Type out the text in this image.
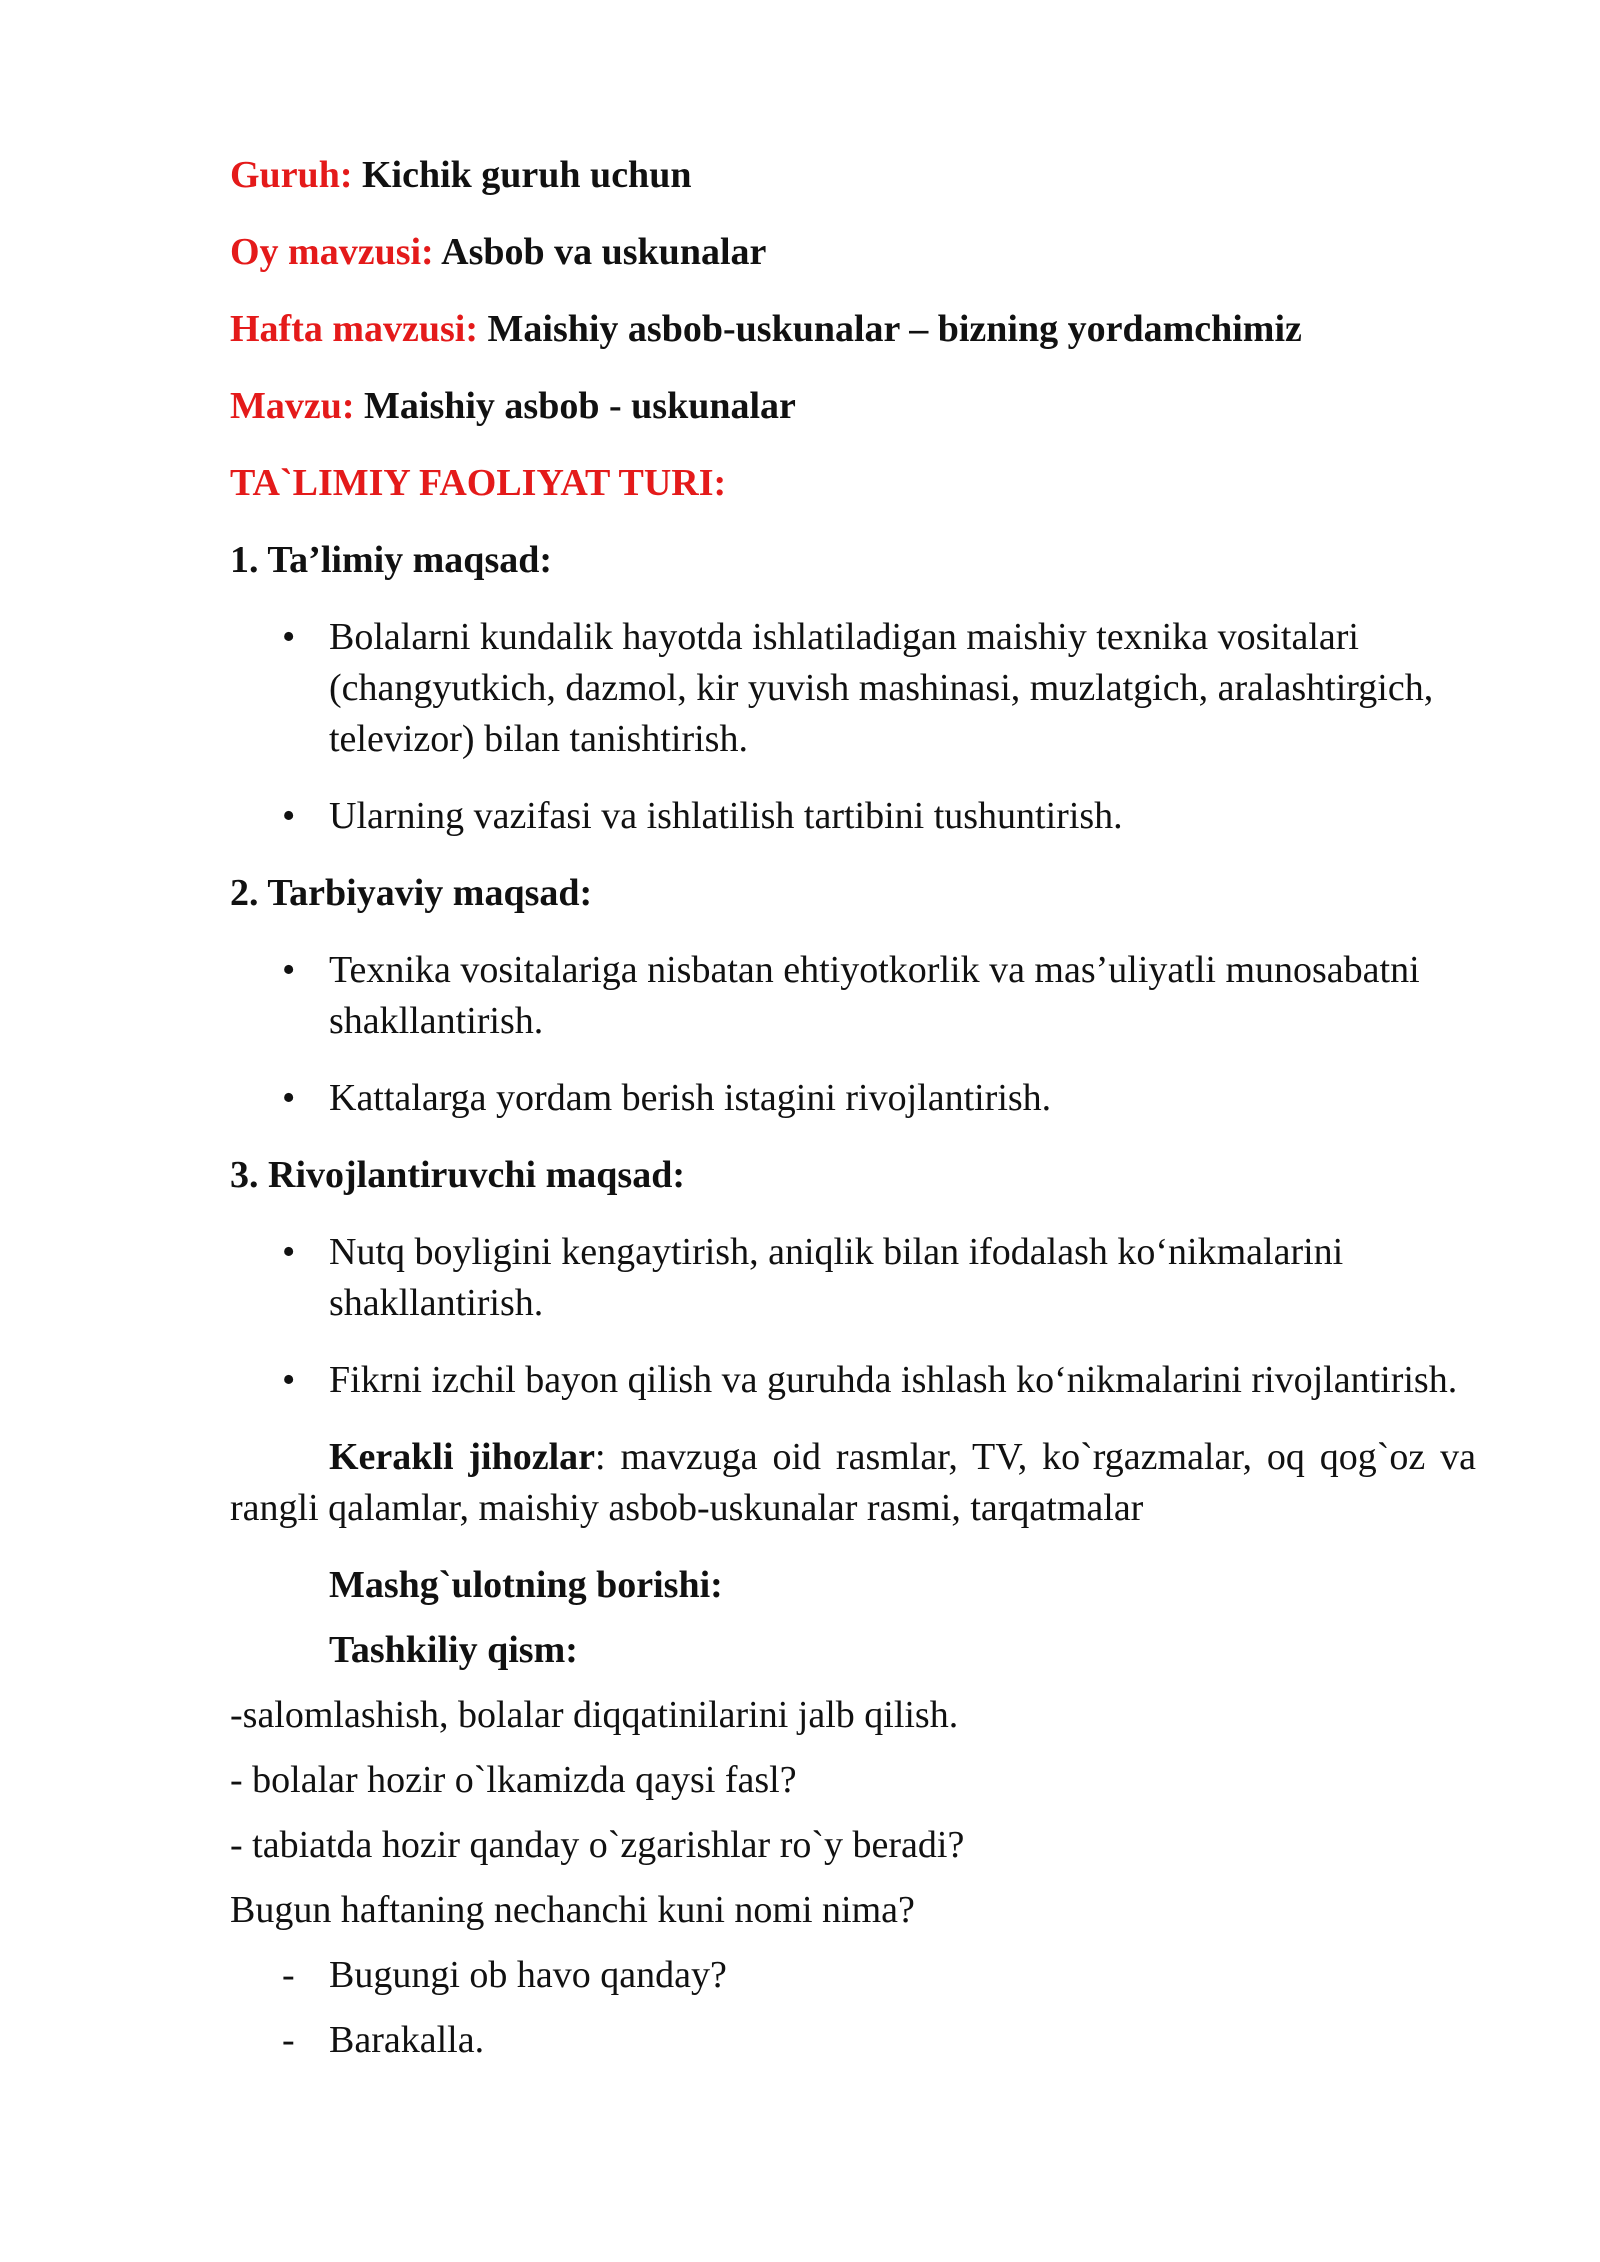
Guruh: Kichik guruh uchun

Oy mavzusi: Asbob va uskunalar

Hafta mavzusi: Maishiy asbob-uskunalar – bizning yordamchimiz

Mavzu: Maishiy asbob - uskunalar

TA`LIMIY FAOLIYAT TURI:

1. Ta’limiy maqsad:

• Bolalarni kundalik hayotda ishlatiladigan maishiy texnika vositalari (changyutkich, dazmol, kir yuvish mashinasi, muzlatgich, aralashtirgich, televizor) bilan tanishtirish.
• Ularning vazifasi va ishlatilish tartibini tushuntirish.

2. Tarbiyaviy maqsad:

• Texnika vositalariga nisbatan ehtiyotkorlik va mas’uliyatli munosabatni shakllantirish.
• Kattalarga yordam berish istagini rivojlantirish.

3. Rivojlantiruvchi maqsad:

• Nutq boyligini kengaytirish, aniqlik bilan ifodalash ko‘nikmalarini shakllantirish.
• Fikrni izchil bayon qilish va guruhda ishlash ko‘nikmalarini rivojlantirish.

Kerakli jihozlar: mavzuga oid rasmlar, TV, ko`rgazmalar, oq qog`oz va rangli qalamlar, maishiy asbob-uskunalar rasmi, tarqatmalar

Mashg`ulotning borishi:

Tashkiliy qism:

-salomlashish, bolalar diqqatinilarini jalb qilish.

- bolalar hozir o`lkamizda qaysi fasl?

- tabiatda hozir qanday o`zgarishlar ro`y beradi?

Bugun haftaning nechanchi kuni nomi nima?

- Bugungi ob havo qanday?
- Barakalla.
